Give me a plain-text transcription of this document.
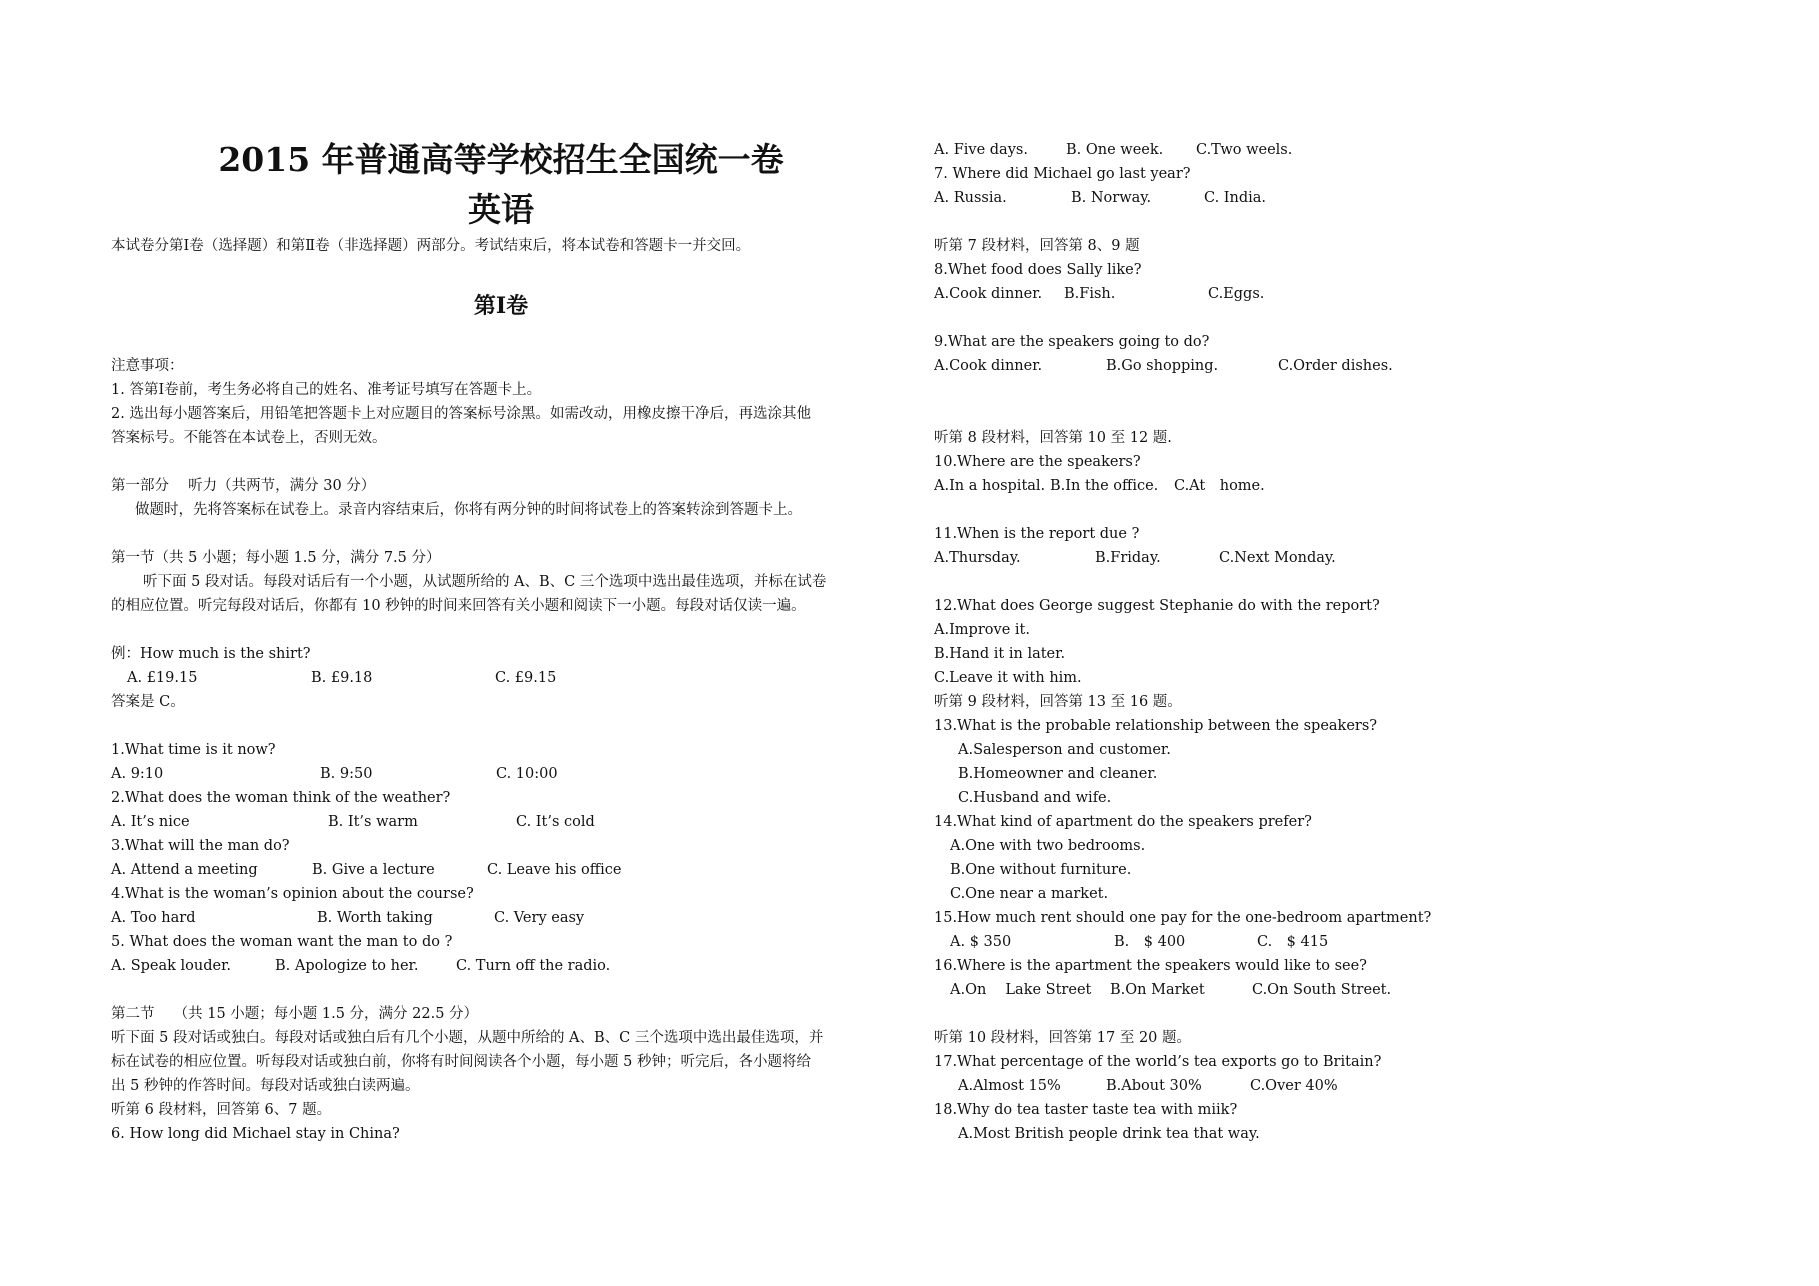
2015 年普通高等学校招生全国统一卷
英语
本试卷分第Ⅰ卷（选择题）和第Ⅱ卷（非选择题）两部分。考试结束后，将本试卷和答题卡一并交回。
第Ⅰ卷
注意事项：
1. 答第Ⅰ卷前，考生务必将自己的姓名、准考证号填写在答题卡上。
2. 选出每小题答案后，用铅笔把答题卡上对应题目的答案标号涂黑。如需改动，用橡皮擦干净后，再选涂其他
答案标号。不能答在本试卷上，否则无效。
第一部分　 听力（共两节，满分 30 分）
做题时，先将答案标在试卷上。录音内容结束后，你将有两分钟的时间将试卷上的答案转涂到答题卡上。
第一节（共 5 小题；每小题 1.5 分，满分 7.5 分）
听下面 5 段对话。每段对话后有一个小题，从试题所给的 A、B、C 三个选项中选出最佳选项，并标在试卷
的相应位置。听完每段对话后，你都有 10 秒钟的时间来回答有关小题和阅读下一小题。每段对话仅读一遍。
例：How much is the shirt?
A. £19.15	B. £9.18	C. £9.15
答案是 C。
1.What time is it now?
A. 9:10	B. 9:50	C. 10:00
2.What does the woman think of the weather?
A. It’s nice	B. It’s warm	C. It’s cold
3.What will the man do?
A. Attend a meeting	B. Give a lecture	C. Leave his office
4.What is the woman’s opinion about the course?
A. Too hard	B. Worth taking	C. Very easy
5. What does the woman want the man to do ?
A. Speak louder.	B. Apologize to her.	C. Turn off the radio.
第二节　 （共 15 小题；每小题 1.5 分，满分 22.5 分）
听下面 5 段对话或独白。每段对话或独白后有几个小题，从题中所给的 A、B、C 三个选项中选出最佳选项，并
标在试卷的相应位置。听每段对话或独白前，你将有时间阅读各个小题，每小题 5 秒钟；听完后，各小题将给
出 5 秒钟的作答时间。每段对话或独白读两遍。
听第 6 段材料，回答第 6、7 题。
6. How long did Michael stay in China?
A. Five days.	B. One week. C.Two weels.
7. Where did Michael go last year?
A. Russia.	B. Norway.	C. India.
听第 7 段材料，回答第 8、9 题
8.Whet food does Sally like?
A.Cook dinner. B.Fish.	C.Eggs.
9.What are the speakers going to do?
A.Cook dinner.	B.Go shopping.	C.Order dishes.
听第 8 段材料，回答第 10 至 12 题.
10.Where are the speakers?
A.In a hospital. B.In the office. C.At　home.
11.When is the report due ?
A.Thursday.	B.Friday.	C.Next Monday.
12.What does George suggest Stephanie do with the report?
A.Improve it.
B.Hand it in later.
C.Leave it with him.
听第 9 段材料，回答第 13 至 16 题。
13.What is the probable relationship between the speakers?
A.Salesperson and customer.
B.Homeowner and cleaner.
C.Husband and wife.
14.What kind of apartment do the speakers prefer?
A.One with two bedrooms.
B.One without furniture.
C.One near a market.
15.How much rent should one pay for the one-bedroom apartment?
A. $ 350	B.　$ 400	C.　$ 415
16.Where is the apartment the speakers would like to see?
A.On　 Lake Street B.On Market	C.On South Street.
听第 10 段材料，回答第 17 至 20 题。
17.What percentage of the world’s tea exports go to Britain?
A.Almost 15%	B.About 30%	C.Over 40%
18.Why do tea taster taste tea with miik?
A.Most British people drink tea that way.
